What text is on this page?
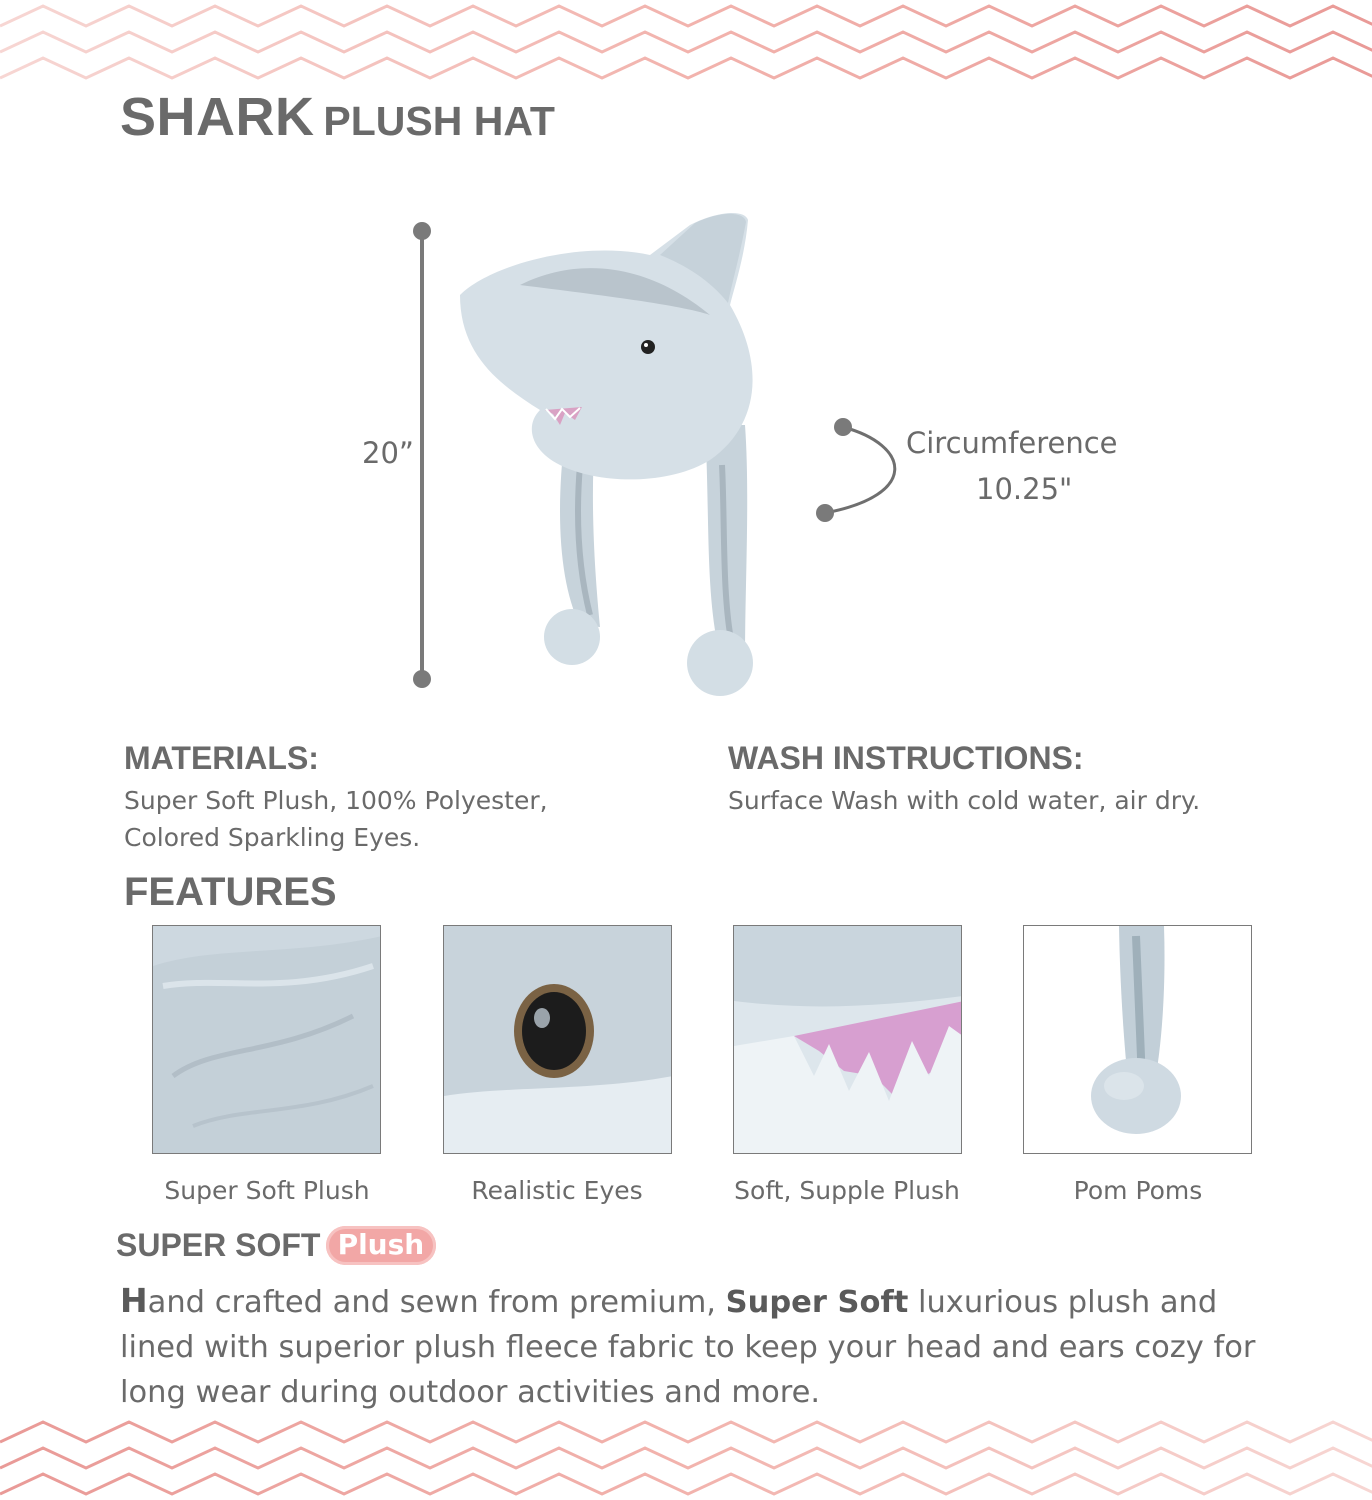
SHARK PLUSH HAT
20”	Circumference
10.25"
MATERIALS:

Super Soft Plush, 100% Polyester,

Colored Sparkling Eyes.

WASH INSTRUCTIONS:

Surface Wash with cold water, air dry.

FEATURES
Super Soft Plush	Realistic Eyes	Soft, Supple Plush	Pom Poms
SUPER SOFT Plush

Hand crafted and sewn from premium, Super Soft luxurious plush and lined with superior plush fleece fabric to keep your head and ears cozy for long wear during outdoor activities and more.
